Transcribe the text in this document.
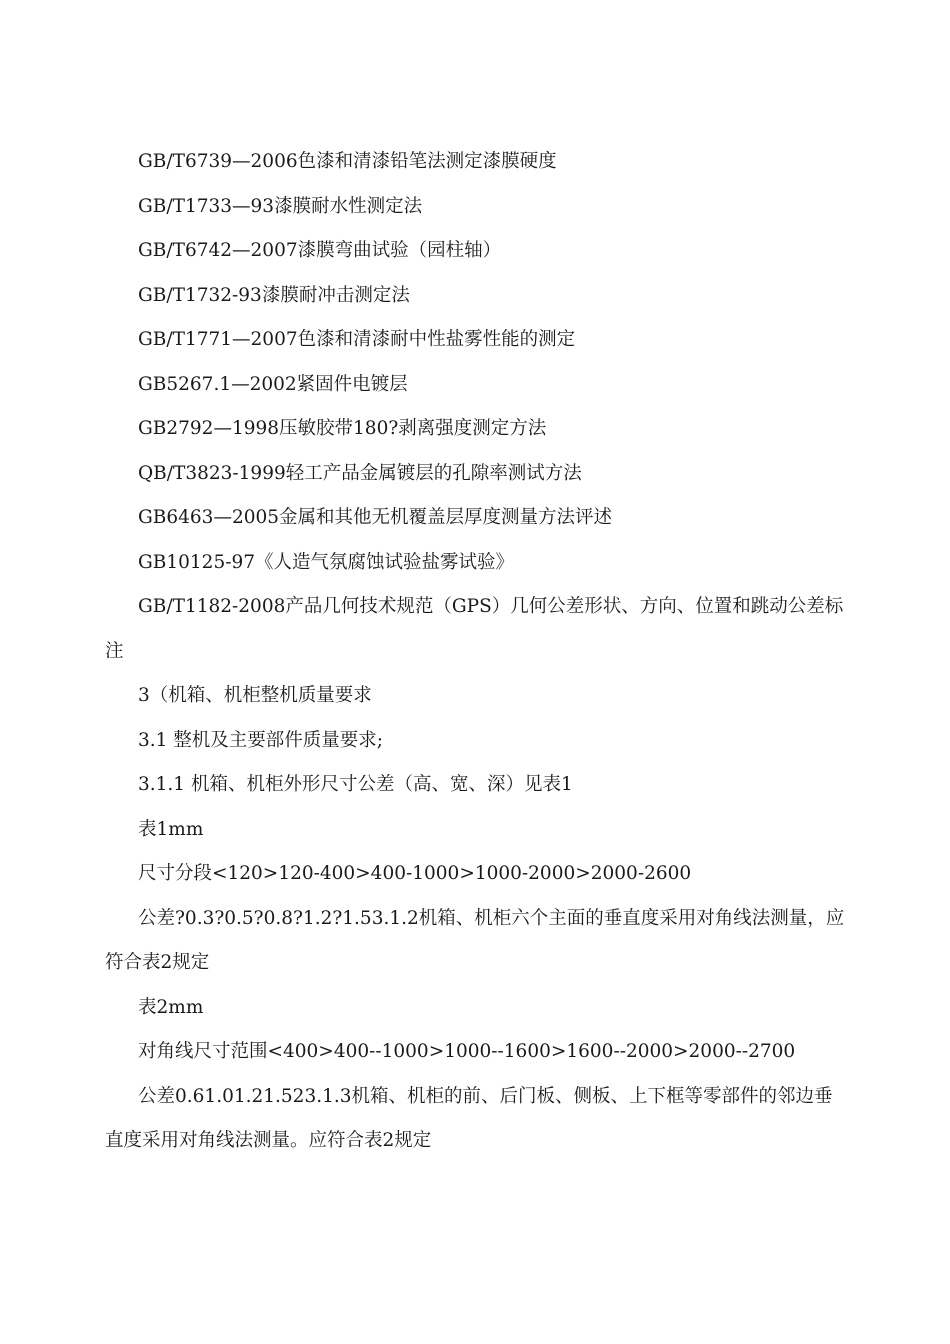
GB/T6739—2006色漆和清漆铅笔法测定漆膜硬度

GB/T1733—93漆膜耐水性测定法

GB/T6742—2007漆膜弯曲试验（园柱轴）

GB/T1732-93漆膜耐冲击测定法

GB/T1771—2007色漆和清漆耐中性盐雾性能的测定

GB5267.1—2002紧固件电镀层

GB2792—1998压敏胶带180?剥离强度测定方法

QB/T3823-1999轻工产品金属镀层的孔隙率测试方法

GB6463—2005金属和其他无机覆盖层厚度测量方法评述

GB10125-97《人造气氛腐蚀试验盐雾试验》

GB/T1182-2008产品几何技术规范（GPS）几何公差形状、方向、位置和跳动公差标注

3（机箱、机柜整机质量要求

3.1 整机及主要部件质量要求;

3.1.1 机箱、机柜外形尺寸公差（高、宽、深）见表1

表1mm

尺寸分段<120>120-400>400-1000>1000-2000>2000-2600

公差?0.3?0.5?0.8?1.2?1.53.1.2机箱、机柜六个主面的垂直度采用对角线法测量，应符合表2规定

表2mm

对角线尺寸范围<400>400--1000>1000--1600>1600--2000>2000--2700

公差0.61.01.21.523.1.3机箱、机柜的前、后门板、侧板、上下框等零部件的邻边垂直度采用对角线法测量。应符合表2规定
